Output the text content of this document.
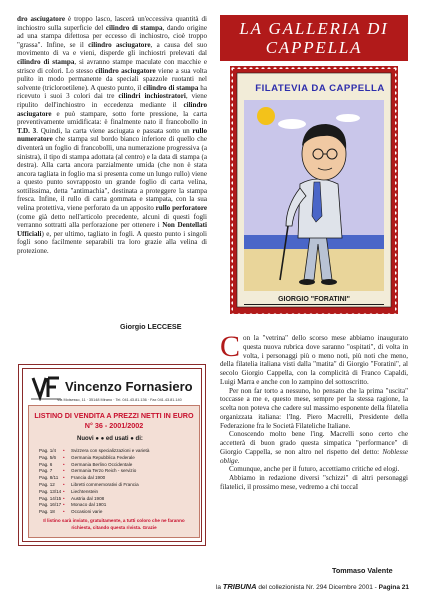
dro ascíugatore è troppo lasco, lascerà un'eccessiva quantità di inchiostro sulla superficie del cilindro di stampa, dando origine ad una stampa difettosa per eccesso di inchiostro, cioè troppo "grassa". Infine, se il cilindro asciugatore, a causa del suo movimento di va e vieni, disperde gli inchiostri prelevati dal cilindro di stampa, si avranno stampe maculate con macchie e strisce di colori. Lo stesso cilindro asciugatore viene a sua volta pulito in modo permanente da speciali spazzole ruotanti nel solvente (tricloroetilene). A questo punto, il cilindro di stampa ha ricevuto i suoi 3 colori dai tre cilindri inchiostratori, viene ripulito dell'inchiostro in eccedenza mediante il cilindro asciugatore e può stampare, sotto forte pressione, la carta preventivamente umidificata: è finalmente nato il francobollo in T.D. 3. Quindi, la carta viene asciugata e passata sotto un rullo numeratore che stampa sul bordo bianco inferiore di quello che diventerà un foglio di francobolli, una numerazione progressiva (a sinistra), il tipo di stampa adottata (al centro) e la data di stampa (a destra). Alla carta ancora parzialmente umida (che non è stata ancora tagliata in foglio ma si presenta come un lungo rullo) viene a questo punto sovrapposto un grande foglio di carta velina, sottilissima, detta "antimachia", destinata a proteggere la stampa fresca. Infine, il rullo di carta gommata e stampata, con la sua velina protettiva, viene perforato da un apposito rullo perforatore (come già detto nell'articolo precedente, alcuni di questi fogli verranno sottratti alla perforazione per ottenere i Non Dentellati Ufficiali) e, per ultimo, tagliato in fogli. A questo punto i singoli fogli sono facilmente separabili tra loro grazie alla velina di protezione.

Giorgio LECCESE
Vincenzo Fornasiero
Via Moisesso, 11 · 35148 Mirano · Tel. 041.43.81.136 · Fax 041.43.81.140
LISTINO DI VENDITA A PREZZI NETTI IN EURO
N° 36 - 2001/2002
Nuovi ● ● ed usati ● di:
Pag. 1/4	•	Svizzera con specializzazioni e varietà
Pag. 5/6	•	Germania Repubblica Federale
Pag. 6	•	Germania Berlino Occidentale
Pag. 7	•	Germania Terzo Reich - servizio
Pag. 8/11	•	Francia dal 1900
Pag. 12	•	Libretti commemorativi di Francia
Pag. 13/14 •	Liechtenstein
Pag. 14/15 •	Austria dal 1908
Pag. 16/17 •	Monaco dal 1901
Pag. 18	•	Occasioni varie
Il listino sarà inviato, gratuitamente, a tutti coloro che ne faranno richiesta, citando questa rivista. Grazie
LA GALLERIA DI
CAPPELLA
FILATEVIA DA CAPPELLA
GIORGIO "FORATINI"
C on la "vetrina" dello scorso mese abbiamo inaugurato questa nuova rubrica dove saranno "ospitati", di volta in volta, i personaggi più o meno noti, più noti che meno, della filatelia italiana visti dalla "matita" di Giorgio "Foratini", al secolo Giorgio Cappella, con la complicità di Franco Capaldi, Luigi Marra e anche con lo zampino del sottoscritto.

Per non far torto a nessuno, ho pensato che la prima "uscita" toccasse a me e, questo mese, sempre per la stessa ragione, la scelta non poteva che cadere sul massimo esponente della filatelia organizzata italiana: l'Ing. Piero Macrelli, Presidente della Federazione fra le Società Filateliche Italiane.

Conoscendo molto bene l'ing. Macrelli sono certo che accetterà di buon grado questa simpatica "performance" di Giorgio Cappella, se non altro nel rispetto del detto: Noblesse oblige.

Comunque, anche per il futuro, accettiamo critiche ed elogi.

Abbiamo in redazione diversi "schizzi" di altri personaggi filatelici, il prossimo mese, vedremo a chi toccaI

Tommaso Valente
la TRIBUNA del collezionista Nr. 294 Dicembre 2001 - Pagina 21
